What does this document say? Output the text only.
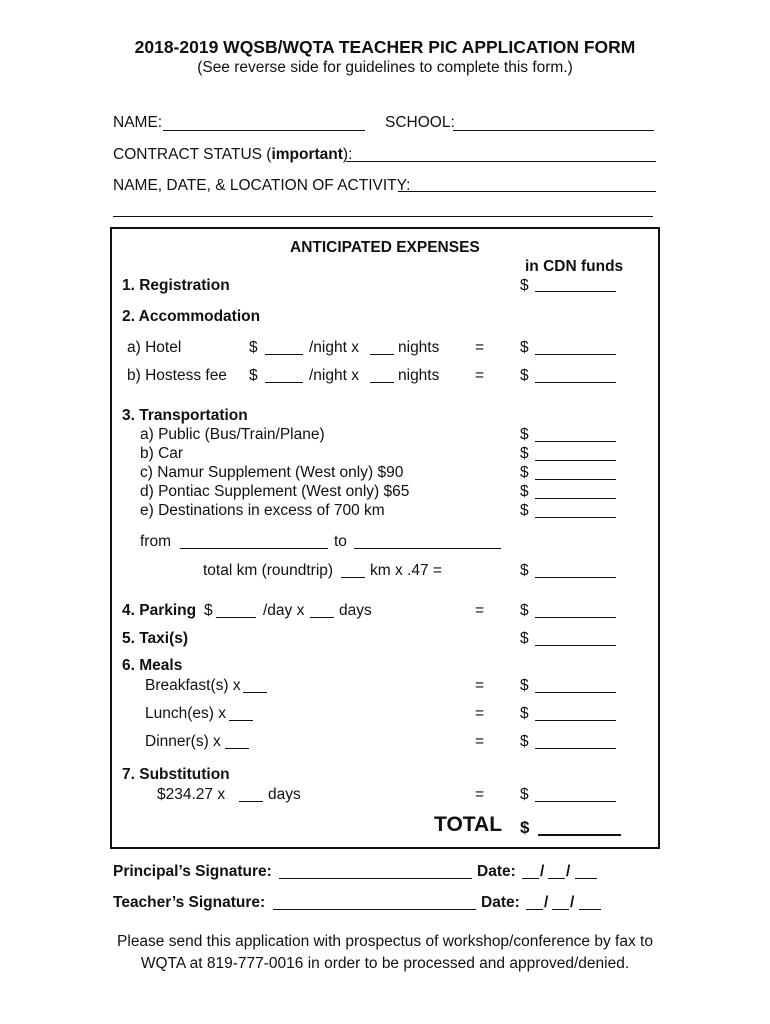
2018-2019 WQSB/WQTA TEACHER PIC APPLICATION FORM
(See reverse side for guidelines to complete this form.)
NAME:	SCHOOL:
CONTRACT STATUS (important):
NAME, DATE, & LOCATION OF ACTIVITY:
ANTICIPATED EXPENSES
in CDN funds
1. Registration	$
2. Accommodation
a) Hotel	$	/night x	nights = $
b) Hostess fee $	/night x	nights = $
3. Transportation
a) Public (Bus/Train/Plane)	$
b) Car	$
c) Namur Supplement (West only) $90	$
d) Pontiac Supplement (West only) $65	$
e) Destinations in excess of 700 km	$
from	to
total km (roundtrip) km x .47 =	$
4. Parking $	/day x days	= $
5. Taxi(s)	$
6. Meals
Breakfast(s) x	= $
Lunch(es) x	= $
Dinner(s) x	= $
7. Substitution
$234.27 x	days	= $
TOTAL $
Principal’s Signature:	Date: / /
Teacher’s Signature:	Date: / /
Please send this application with prospectus of workshop/conference by fax to
WQTA at 819-777-0016 in order to be processed and approved/denied.
